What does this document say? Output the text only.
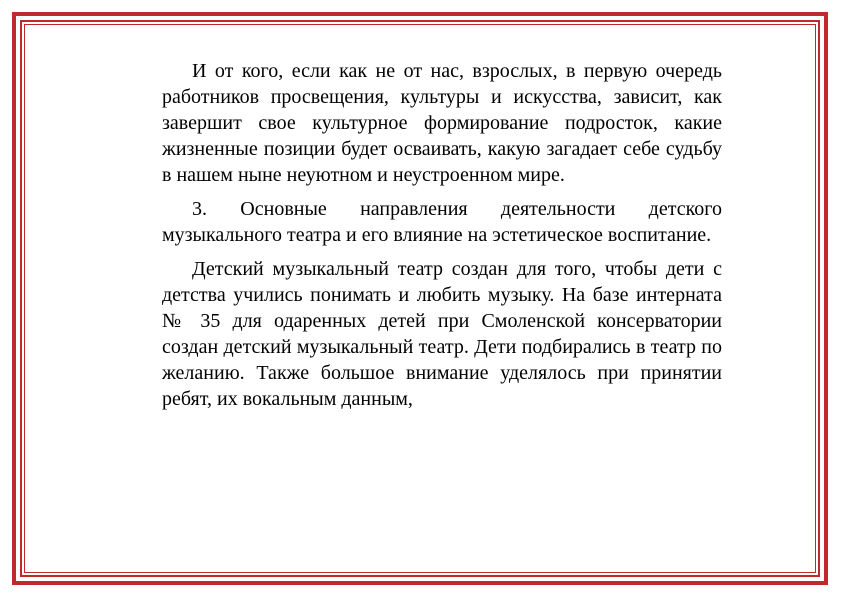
И от кого, если как не от нас, взрослых, в первую очередь работников просвещения, культуры и искусства, зависит, как завершит свое культурное формирование подросток, какие жизненные позиции будет осваивать, какую загадает себе судьбу в нашем ныне неуютном и неустроенном мире.

3. Основные направления деятельности детского музыкального театра и его влияние на эстетическое воспитание.

Детский музыкальный театр создан для того, чтобы дети с детства учились понимать и любить музыку. На базе интерната № 35 для одаренных детей при Смоленской консерватории создан детский музыкальный театр. Дети подбирались в театр по желанию. Также большое внимание уделялось при принятии ребят, их вокальным данным,
